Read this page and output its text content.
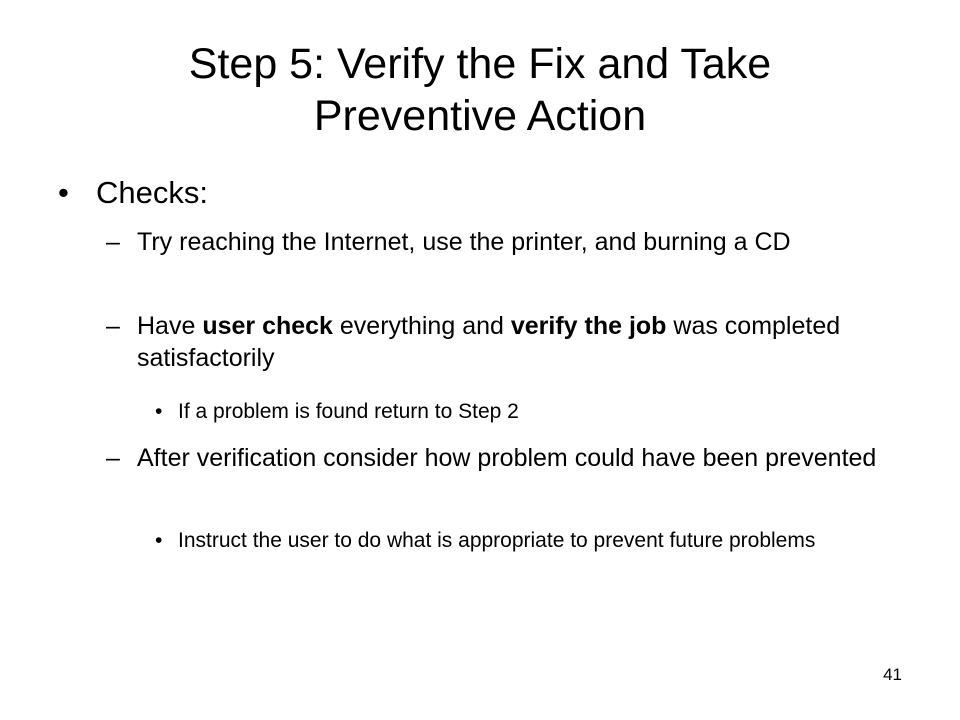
Step 5: Verify the Fix and Take
Preventive Action
• Checks:
– Try reaching the Internet, use the printer, and burning a CD
– Have user check everything and verify the job was completed satisfactorily
• If a problem is found return to Step 2
– After verification consider how problem could have been prevented
• Instruct the user to do what is appropriate to prevent future problems
41
